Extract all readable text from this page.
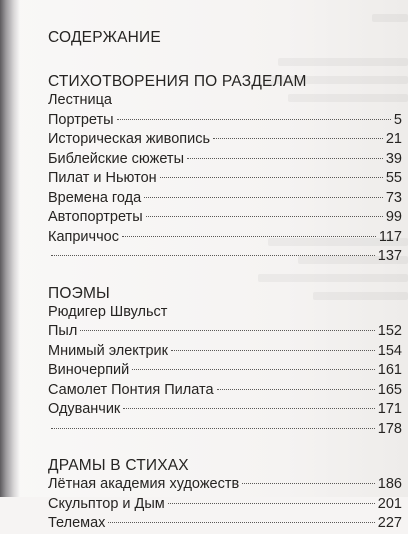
СОДЕРЖАНИЕ
СТИХОТВОРЕНИЯ ПО РАЗДЕЛАМ
Лестница
Портреты	5
Историческая живопись	21
Библейские сюжеты	39
Пилат и Ньютон	55
Времена года	73
Автопортреты	99
Каприччос	117
137
ПОЭМЫ
Рюдигер Швульст
Пыл	152
Мнимый электрик	154
Виночерпий	161
Самолет Понтия Пилата	165
Одуванчик	171
178
ДРАМЫ В СТИХАХ
Лётная академия художеств	186
Скульптор и Дым	201
Телемах	227
